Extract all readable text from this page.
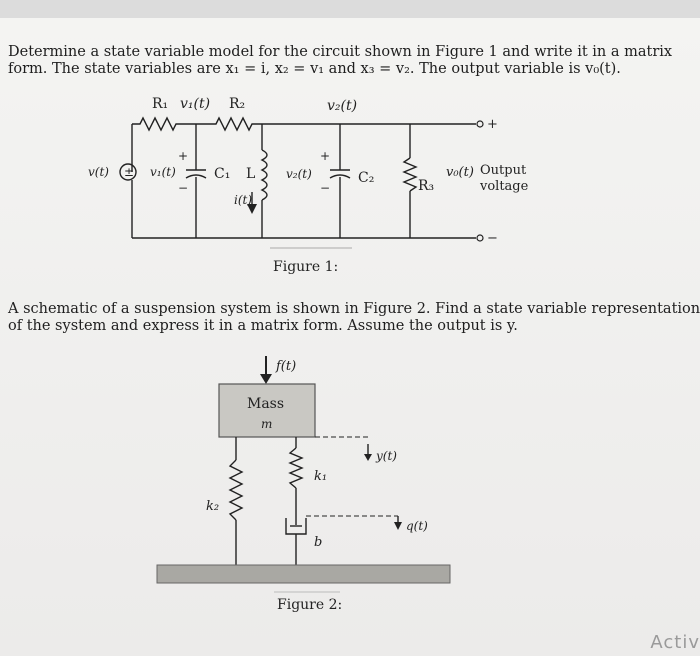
Determine a state variable model for the circuit shown in Figure 1 and write it in a matrix
form. The state variables are x₁ = i, x₂ = v₁ and x₃ = v₂. The output variable is v₀(t).
±
R₁ v₁(t) R₂	v₂(t)
v(t)	v₁(t)
+
−
C₁ L
i(t)
v₂(t)
+
−
C₂	R₃
v₀(t)
+
−
Output
voltage
Figure 1:
A schematic of a suspension system is shown in Figure 2. Find a state variable representation
of the system and express it in a matrix form. Assume the output is y.
f(t)
Mass
m
y(t)
k₁
k₂
b
q(t)
Figure 2:
Activ
